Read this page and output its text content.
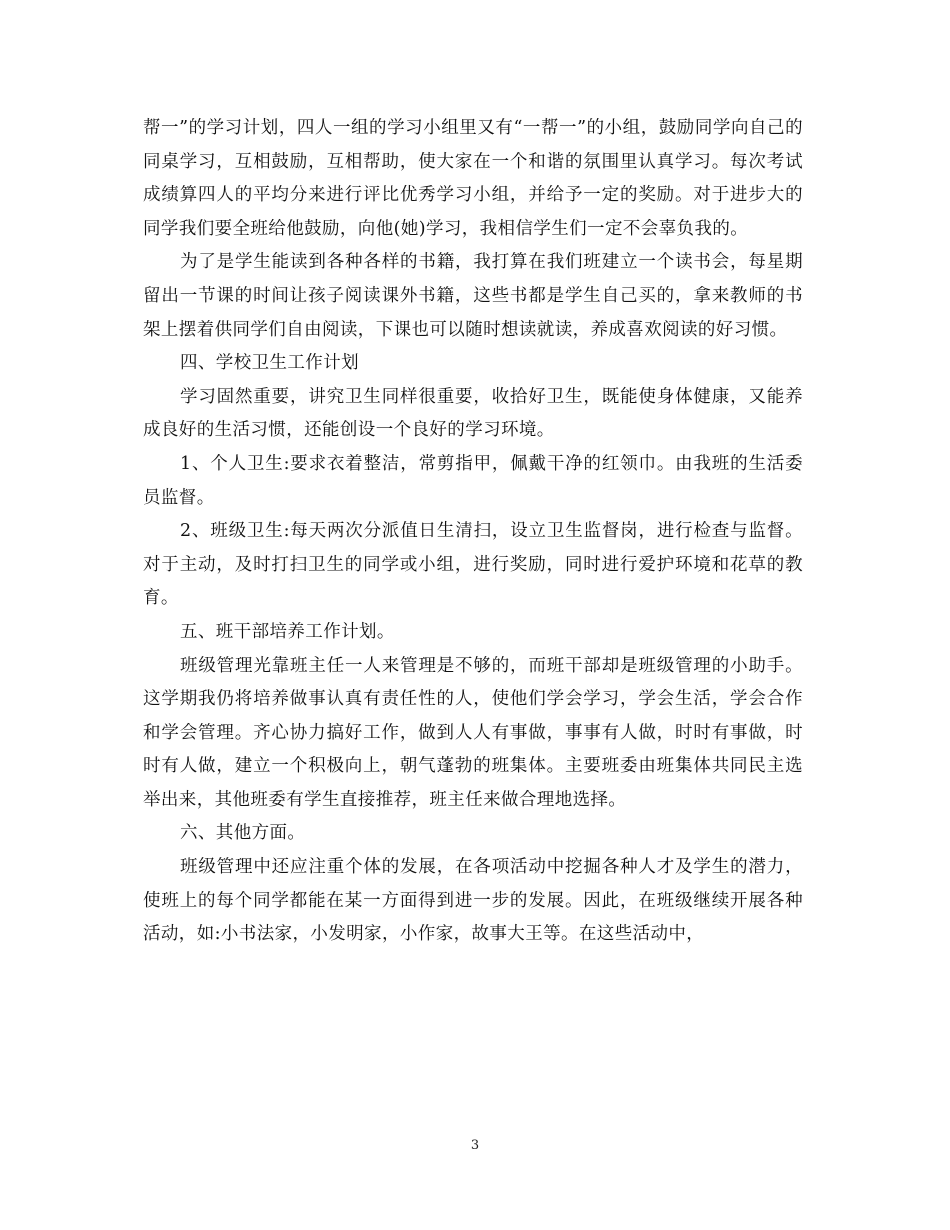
帮一”的学习计划，四人一组的学习小组里又有“一帮一”的小组，鼓励同学向自己的同桌学习，互相鼓励，互相帮助，使大家在一个和谐的氛围里认真学习。每次考试成绩算四人的平均分来进行评比优秀学习小组，并给予一定的奖励。对于进步大的同学我们要全班给他鼓励，向他(她)学习，我相信学生们一定不会辜负我的。

为了是学生能读到各种各样的书籍，我打算在我们班建立一个读书会，每星期留出一节课的时间让孩子阅读课外书籍，这些书都是学生自己买的，拿来教师的书架上摆着供同学们自由阅读，下课也可以随时想读就读，养成喜欢阅读的好习惯。

四、学校卫生工作计划

学习固然重要，讲究卫生同样很重要，收拾好卫生，既能使身体健康，又能养成良好的生活习惯，还能创设一个良好的学习环境。

1、个人卫生:要求衣着整洁，常剪指甲，佩戴干净的红领巾。由我班的生活委员监督。

2、班级卫生:每天两次分派值日生清扫，设立卫生监督岗，进行检查与监督。对于主动，及时打扫卫生的同学或小组，进行奖励，同时进行爱护环境和花草的教育。

五、班干部培养工作计划。

班级管理光靠班主任一人来管理是不够的，而班干部却是班级管理的小助手。这学期我仍将培养做事认真有责任性的人，使他们学会学习，学会生活，学会合作和学会管理。齐心协力搞好工作，做到人人有事做，事事有人做，时时有事做，时时有人做，建立一个积极向上，朝气蓬勃的班集体。主要班委由班集体共同民主选举出来，其他班委有学生直接推荐，班主任来做合理地选择。

六、其他方面。

班级管理中还应注重个体的发展，在各项活动中挖掘各种人才及学生的潜力，使班上的每个同学都能在某一方面得到进一步的发展。因此，在班级继续开展各种活动，如:小书法家，小发明家，小作家，故事大王等。在这些活动中，

3
